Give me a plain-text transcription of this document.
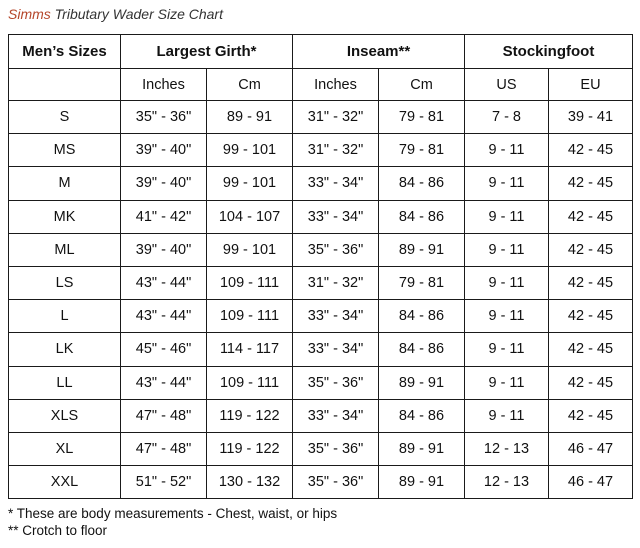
Simms Tributary Wader Size Chart
Men’s Sizes	Largest Girth*		Inseam**		Stockingfoot	
	Inches	Cm	Inches	Cm	US	EU
S	35" - 36"	89 - 91	31" - 32"	79 - 81	7 - 8	39 - 41
MS	39" - 40"	99 - 101	31" - 32"	79 - 81	9 - 11	42 - 45
M	39" - 40"	99 - 101	33" - 34"	84 - 86	9 - 11	42 - 45
MK	41" - 42"	104 - 107	33" - 34"	84 - 86	9 - 11	42 - 45
ML	39" - 40"	99 - 101	35" - 36"	89 - 91	9 - 11	42 - 45
LS	43" - 44"	109 - 111	31" - 32"	79 - 81	9 - 11	42 - 45
L	43" - 44"	109 - 111	33" - 34"	84 - 86	9 - 11	42 - 45
LK	45" - 46"	114 - 117	33" - 34"	84 - 86	9 - 11	42 - 45
LL	43" - 44"	109 - 111	35" - 36"	89 - 91	9 - 11	42 - 45
XLS	47" - 48"	119 - 122	33" - 34"	84 - 86	9 - 11	42 - 45
XL	47" - 48"	119 - 122	35" - 36"	89 - 91	12 - 13	46 - 47
XXL	51" - 52"	130 - 132	35" - 36"	89 - 91	12 - 13	46 - 47
* These are body measurements - Chest, waist, or hips
** Crotch to floor
